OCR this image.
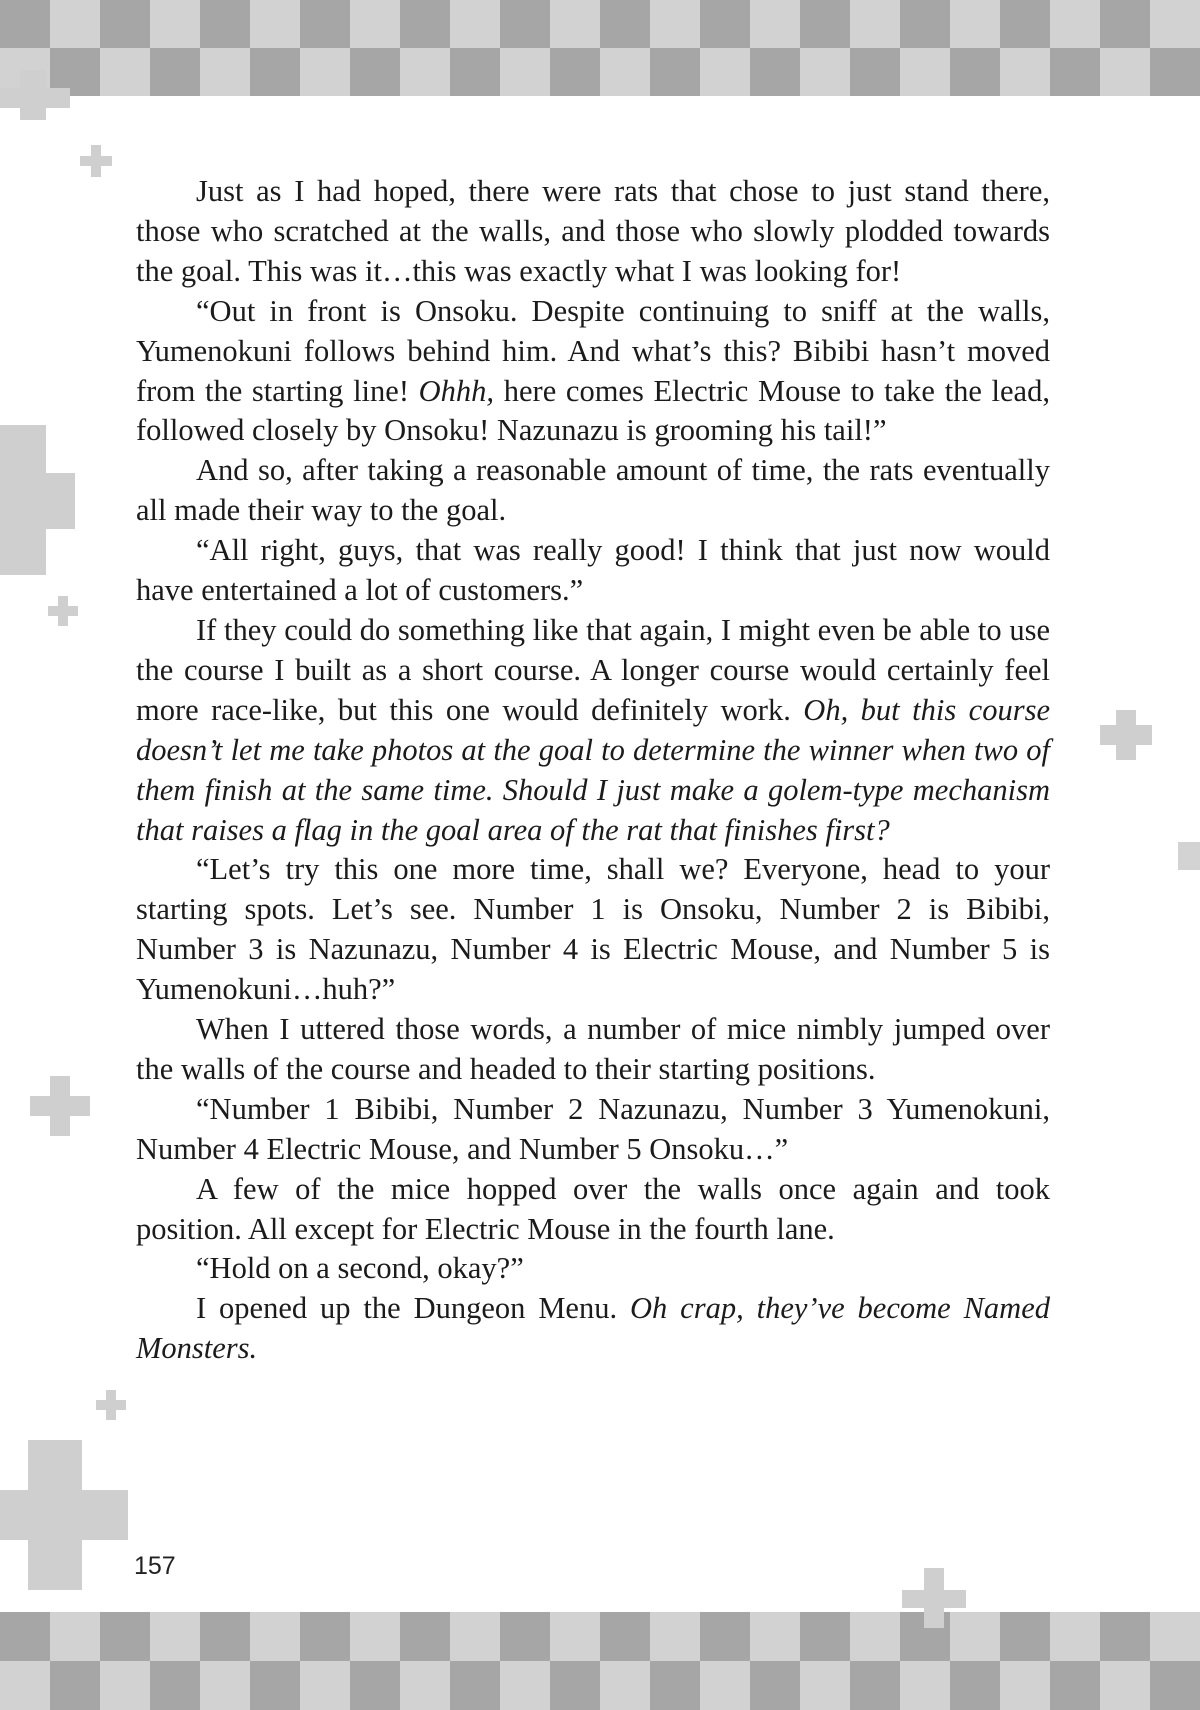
Just as I had hoped, there were rats that chose to just stand there, those who scratched at the walls, and those who slowly plodded towards the goal. This was it…this was exactly what I was looking for!

“Out in front is Onsoku. Despite continuing to sniff at the walls, Yumenokuni follows behind him. And what’s this? Bibibi hasn’t moved from the starting line! Ohhh, here comes Electric Mouse to take the lead, followed closely by Onsoku! Nazunazu is grooming his tail!”

And so, after taking a reasonable amount of time, the rats eventually all made their way to the goal.

“All right, guys, that was really good! I think that just now would have entertained a lot of customers.”

If they could do something like that again, I might even be able to use the course I built as a short course. A longer course would certainly feel more race-like, but this one would definitely work. Oh, but this course doesn’t let me take photos at the goal to determine the winner when two of them finish at the same time. Should I just make a golem-type mechanism that raises a flag in the goal area of the rat that finishes first?

“Let’s try this one more time, shall we? Everyone, head to your starting spots. Let’s see. Number 1 is Onsoku, Number 2 is Bibibi, Number 3 is Nazunazu, Number 4 is Electric Mouse, and Number 5 is Yumenokuni…huh?”

When I uttered those words, a number of mice nimbly jumped over the walls of the course and headed to their starting positions.

“Number 1 Bibibi, Number 2 Nazunazu, Number 3 Yumenokuni, Number 4 Electric Mouse, and Number 5 Onsoku…”

A few of the mice hopped over the walls once again and took position. All except for Electric Mouse in the fourth lane.

“Hold on a second, okay?”

I opened up the Dungeon Menu. Oh crap, they’ve become Named Monsters.

157
